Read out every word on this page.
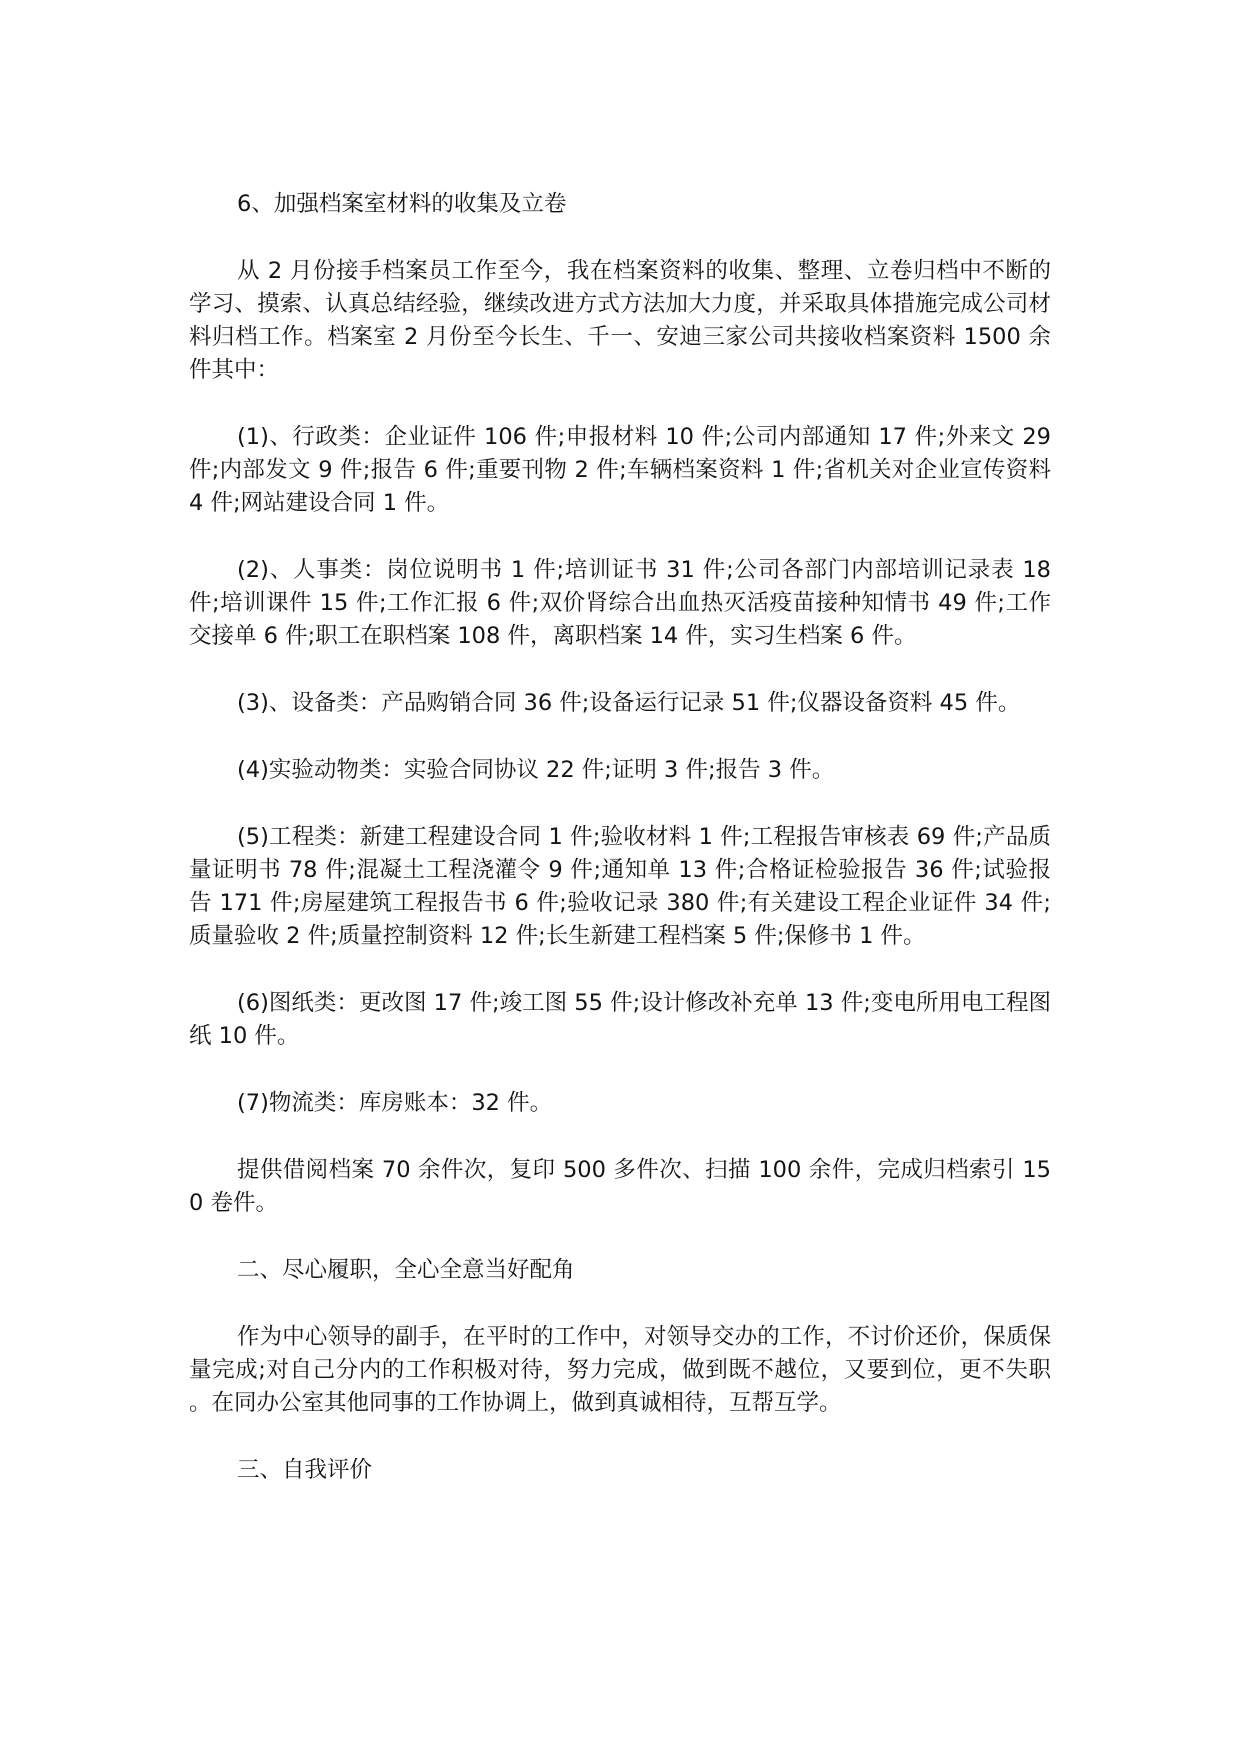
6、加强档案室材料的收集及立卷

从 2 月份接手档案员工作至今，我在档案资料的收集、整理、立卷归档中不断的学习、摸索、认真总结经验，继续改进方式方法加大力度，并采取具体措施完成公司材料归档工作。档案室 2 月份至今长生、千一、安迪三家公司共接收档案资料 1500 余件其中：

(1)、行政类：企业证件 106 件;申报材料 10 件;公司内部通知 17 件;外来文 29 件;内部发文 9 件;报告 6 件;重要刊物 2 件;车辆档案资料 1 件;省机关对企业宣传资料 4 件;网站建设合同 1 件。

(2)、人事类：岗位说明书 1 件;培训证书 31 件;公司各部门内部培训记录表 18 件;培训课件 15 件;工作汇报 6 件;双价肾综合出血热灭活疫苗接种知情书 49 件;工作交接单 6 件;职工在职档案 108 件，离职档案 14 件，实习生档案 6 件。

(3)、设备类：产品购销合同 36 件;设备运行记录 51 件;仪器设备资料 45 件。

(4)实验动物类：实验合同协议 22 件;证明 3 件;报告 3 件。

(5)工程类：新建工程建设合同 1 件;验收材料 1 件;工程报告审核表 69 件;产品质量证明书 78 件;混凝土工程浇灌令 9 件;通知单 13 件;合格证检验报告 36 件;试验报告 171 件;房屋建筑工程报告书 6 件;验收记录 380 件;有关建设工程企业证件 34 件;质量验收 2 件;质量控制资料 12 件;长生新建工程档案 5 件;保修书 1 件。

(6)图纸类：更改图 17 件;竣工图 55 件;设计修改补充单 13 件;变电所用电工程图纸 10 件。

(7)物流类：库房账本：32 件。

提供借阅档案 70 余件次，复印 500 多件次、扫描 100 余件，完成归档索引 150 卷件。

二、尽心履职，全心全意当好配角

作为中心领导的副手，在平时的工作中，对领导交办的工作，不讨价还价，保质保量完成;对自己分内的工作积极对待，努力完成，做到既不越位，又要到位，更不失职。在同办公室其他同事的工作协调上，做到真诚相待，互帮互学。

三、自我评价
